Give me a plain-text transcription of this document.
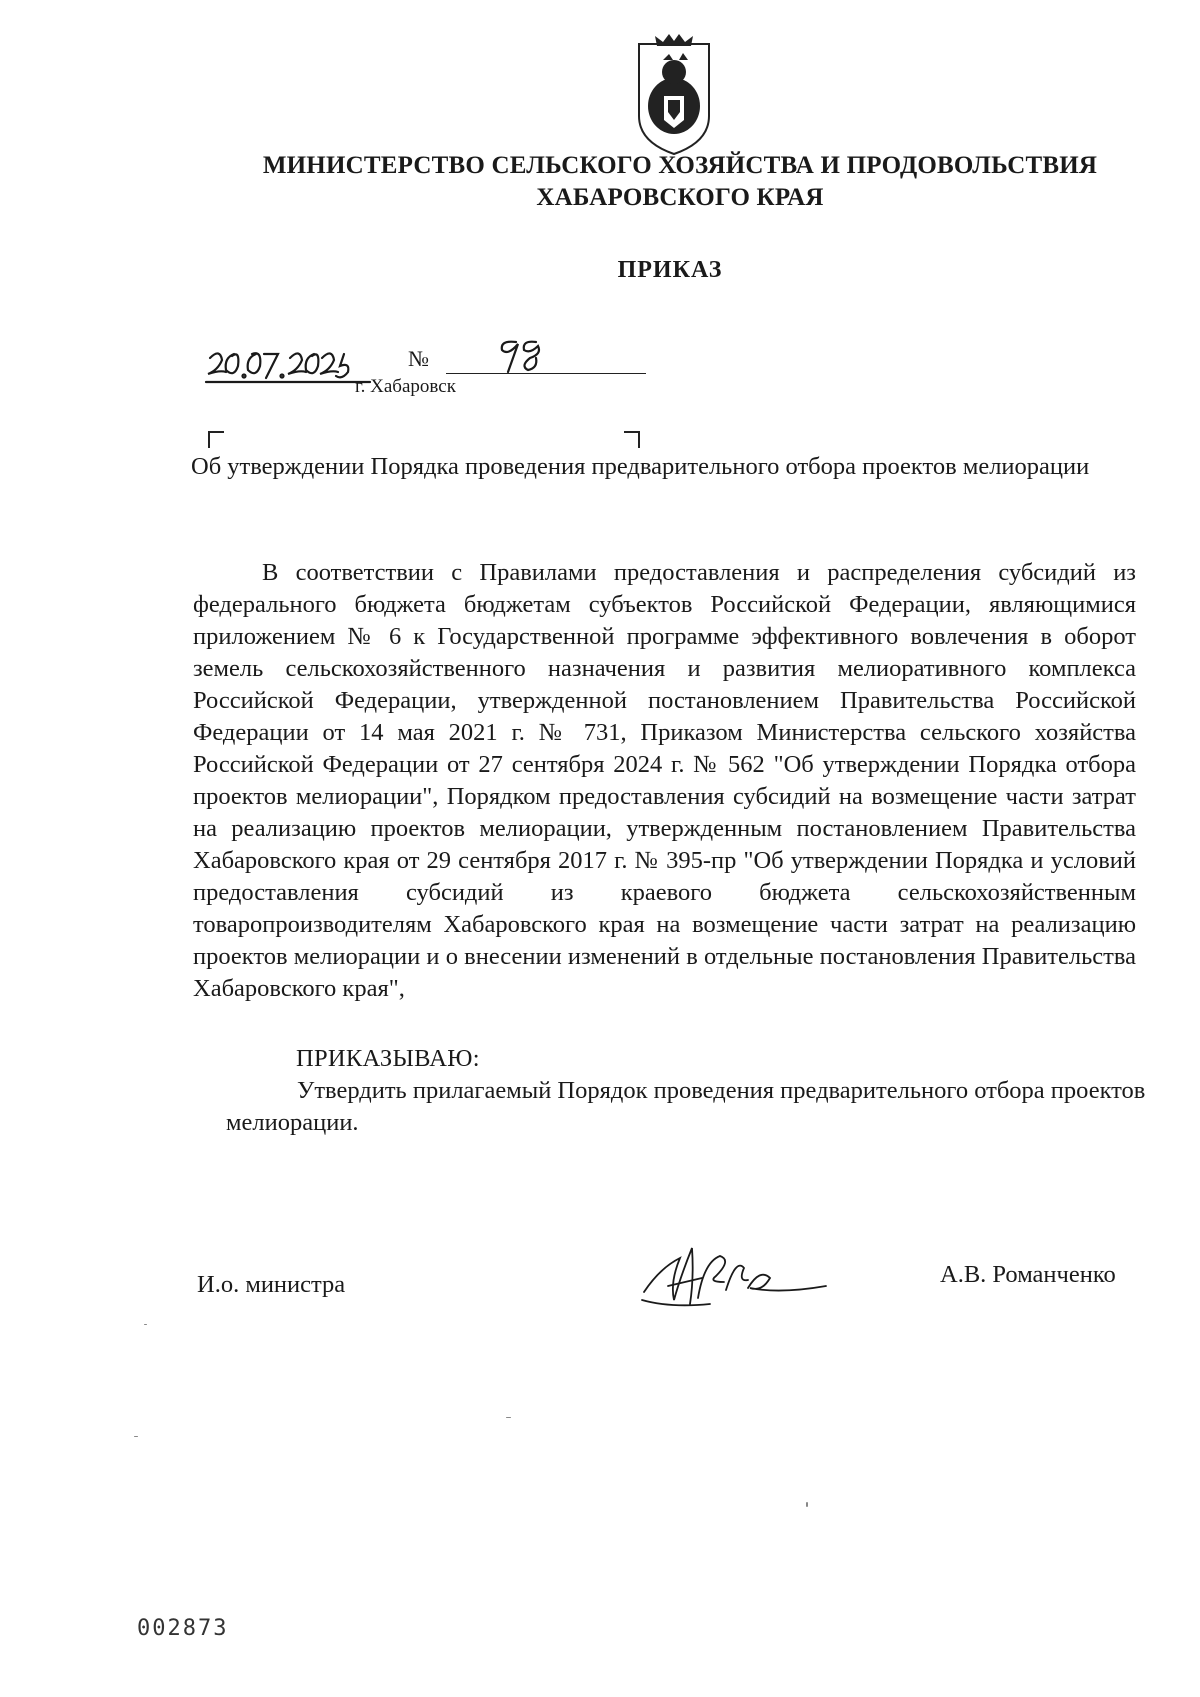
МИНИСТЕРСТВО СЕЛЬСКОГО ХОЗЯЙСТВА И ПРОДОВОЛЬСТВИЯ
ХАБАРОВСКОГО КРАЯ
ПРИКАЗ
№
г. Хабаровск
Об утверждении Порядка проведения предварительного отбора проектов мелиорации

В соответствии с Правилами предоставления и распределения субсидий из федерального бюджета бюджетам субъектов Российской Федерации, являющимися приложением № 6 к Государственной программе эффективного вовлечения в оборот земель сельскохозяйственного назначения и развития мелиоративного комплекса Российской Федерации, утвержденной постановлением Правительства Российской Федерации от 14 мая 2021 г. № 731, Приказом Министерства сельского хозяйства Российской Федерации от 27 сентября 2024 г. № 562 "Об утверждении Порядка отбора проектов мелиорации", Порядком предоставления субсидий на возмещение части затрат на реализацию проектов мелиорации, утвержденным постановлением Правительства Хабаровского края от 29 сентября 2017 г. № 395-пр "Об утверждении Порядка и условий предоставления субсидий из краевого бюджета сельскохозяйственным товаропроизводителям Хабаровского края на возмещение части затрат на реализацию проектов мелиорации и о внесении изменений в отдельные постановления Правительства Хабаровского края",

ПРИКАЗЫВАЮ:
Утвердить прилагаемый Порядок проведения предварительного отбора проектов мелиорации.
И.о. министра	А.В. Романченко
002873
